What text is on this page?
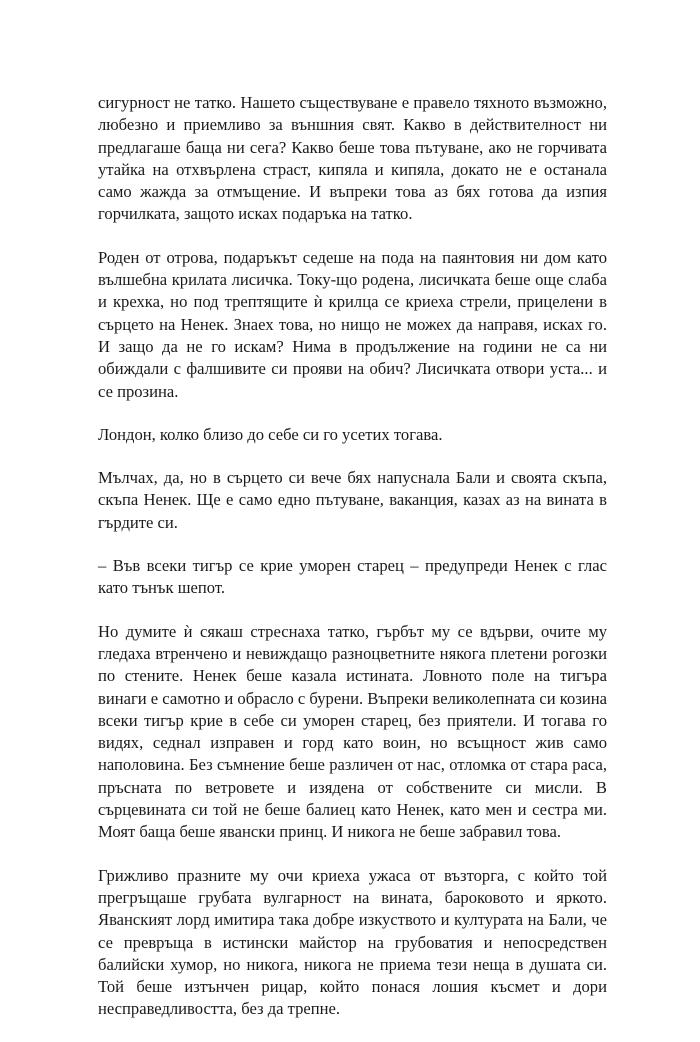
сигурност не татко. Нашето съществуване е правело тяхното възможно, любезно и приемливо за външния свят. Какво в действителност ни предлагаше баща ни сега? Какво беше това пътуване, ако не горчивата утайка на отхвърлена страст, кипяла и кипяла, докато не е останала само жажда за отмъщение. И въпреки това аз бях готова да изпия горчилката, защото исках подаръка на татко.

Роден от отрова, подаръкът седеше на пода на паянтовия ни дом като вълшебна крилата лисичка. Току-що родена, лисичката беше още слаба и крехка, но под трептящите ѝ крилца се криеха стрели, прицелени в сърцето на Ненек. Знаех това, но нищо не можех да направя, исках го. И защо да не го искам? Нима в продължение на години не са ни обиждали с фалшивите си прояви на обич? Лисичката отвори уста... и се прозина.

Лондон, колко близо до себе си го усетих тогава.

Мълчах, да, но в сърцето си вече бях напуснала Бали и своята скъпа, скъпа Ненек. Ще е само едно пътуване, ваканция, казах аз на вината в гърдите си.

– Във всеки тигър се крие уморен старец – предупреди Ненек с глас като тънък шепот.

Но думите ѝ сякаш стреснаха татко, гърбът му се вдърви, очите му гледаха втренчено и невиждащо разноцветните някога плетени рогозки по стените. Ненек беше казала истината. Ловното поле на тигъра винаги е самотно и обрасло с бурени. Въпреки великолепната си козина всеки тигър крие в себе си уморен старец, без приятели. И тогава го видях, седнал изправен и горд като воин, но всъщност жив само наполовина. Без съмнение беше различен от нас, отломка от стара раса, пръсната по ветровете и изядена от собствените си мисли. В сърцевината си той не беше балиец като Ненек, като мен и сестра ми. Моят баща беше явански принц. И никога не беше забравил това.

Грижливо празните му очи криеха ужаса от възторга, с който той прегръщаше грубата вулгарност на вината, бароковото и яркото. Яванският лорд имитира така добре изкуството и културата на Бали, че се превръща в истински майстор на грубоватия и непосредствен балийски хумор, но никога, никога не приема тези неща в душата си. Той беше изтънчен рицар, който понася лошия късмет и дори несправедливостта, без да трепне.
